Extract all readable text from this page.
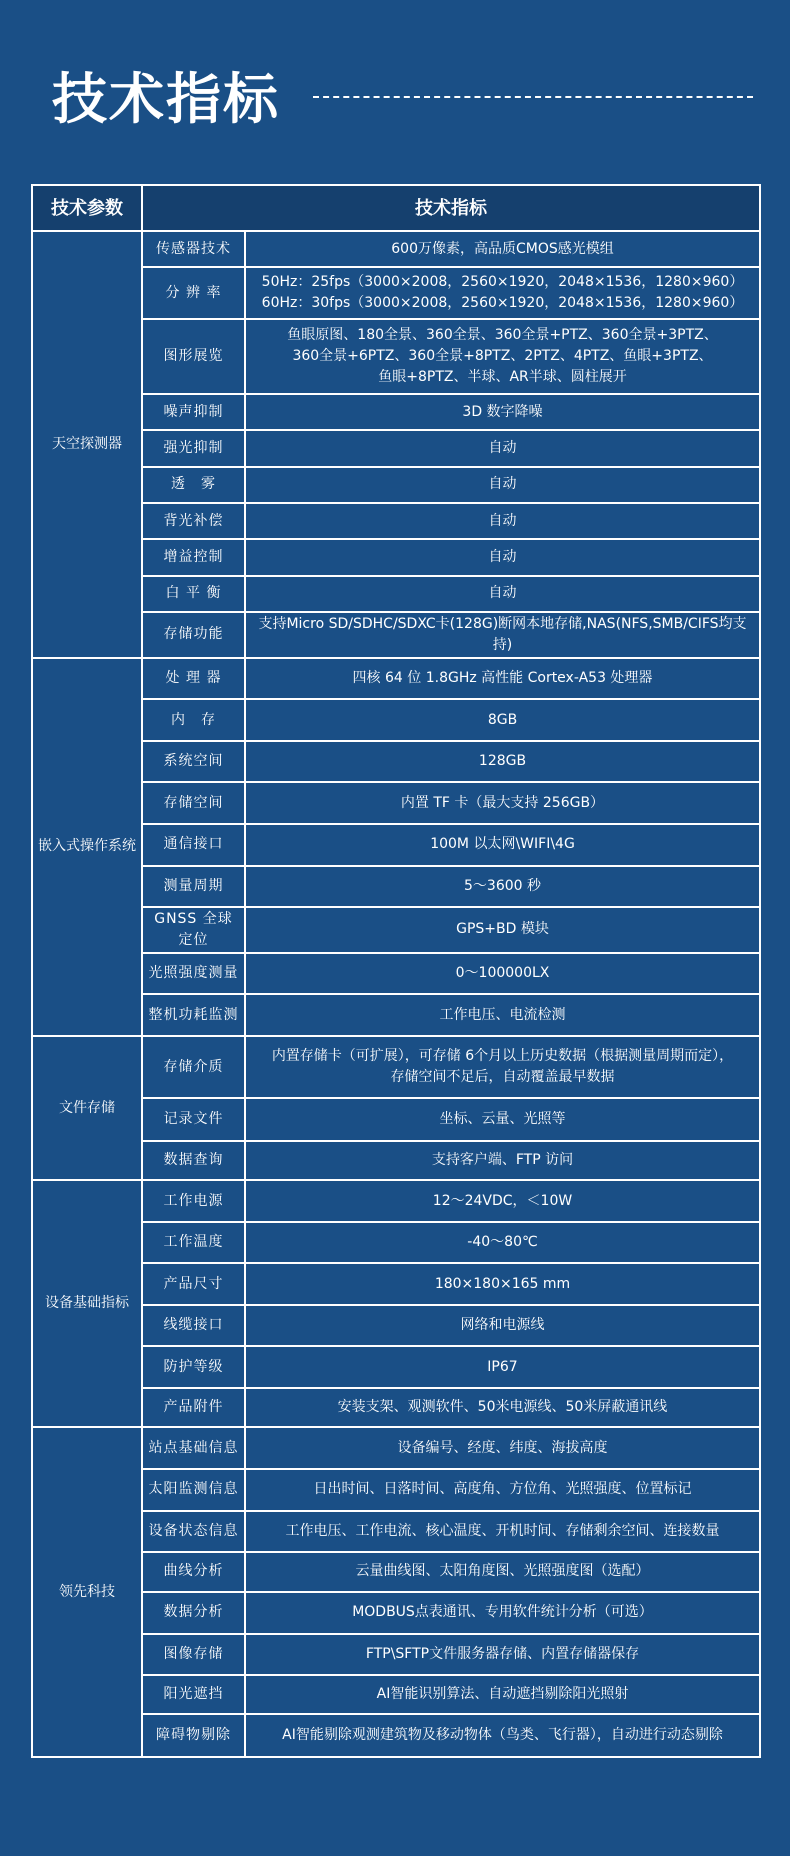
技术指标
技术参数	技术指标	
天空探测器	传感器技术	600万像素，高品质CMOS感光模组

	分 辨 率	50Hz：25fps（3000×2008，2560×1920，2048×1536，1280×960）
60Hz：30fps（3000×2008，2560×1920，2048×1536，1280×960）

	图形展览	鱼眼原图、180全景、360全景、360全景+PTZ、360全景+3PTZ、
360全景+6PTZ、360全景+8PTZ、2PTZ、4PTZ、鱼眼+3PTZ、
鱼眼+8PTZ、半球、AR半球、圆柱展开

	噪声抑制	3D 数字降噪

	强光抑制	自动

	透　雾	自动

	背光补偿	自动

	增益控制	自动

	白 平 衡	自动

	存储功能	支持Micro SD/SDHC/SDXC卡(128G)断网本地存储,NAS(NFS,SMB/CIFS均支持)

嵌入式操作系统	处 理 器	四核 64 位 1.8GHz 高性能 Cortex-A53 处理器

	内　存	8GB

	系统空间	128GB

	存储空间	内置 TF 卡（最大支持 256GB）

	通信接口	100M 以太网\WIFI\4G

	测量周期	5～3600 秒

	GNSS 全球定位	GPS+BD 模块

	光照强度测量	0～100000LX

	整机功耗监测	工作电压、电流检测

文件存储	存储介质	内置存储卡（可扩展），可存储 6个月以上历史数据（根据测量周期而定），
存储空间不足后，自动覆盖最早数据

	记录文件	坐标、云量、光照等

	数据查询	支持客户端、FTP 访问

设备基础指标	工作电源	12～24VDC，＜10W

	工作温度	-40～80℃

	产品尺寸	180×180×165 mm

	线缆接口	网络和电源线

	防护等级	IP67

	产品附件	安装支架、观测软件、50米电源线、50米屏蔽通讯线

领先科技	站点基础信息	设备编号、经度、纬度、海拔高度

	太阳监测信息	日出时间、日落时间、高度角、方位角、光照强度、位置标记

	设备状态信息	工作电压、工作电流、核心温度、开机时间、存储剩余空间、连接数量

	曲线分析	云量曲线图、太阳角度图、光照强度图（选配）

	数据分析	MODBUS点表通讯、专用软件统计分析（可选）

	图像存储	FTP\SFTP文件服务器存储、内置存储器保存

	阳光遮挡	AI智能识别算法、自动遮挡剔除阳光照射

	障碍物剔除	AI智能剔除观测建筑物及移动物体（鸟类、飞行器），自动进行动态剔除
